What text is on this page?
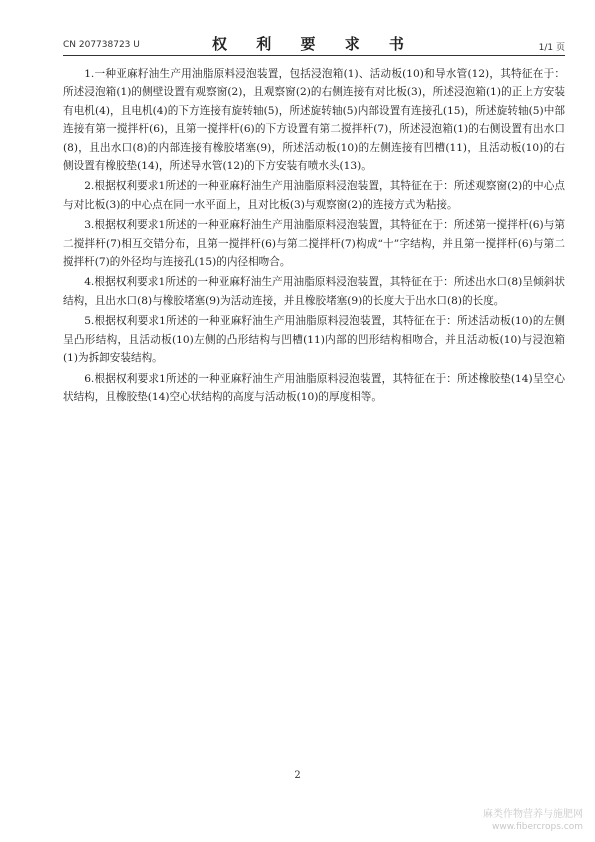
CN 207738723 U	权 利 要 求 书	1/1 页

1.一种亚麻籽油生产用油脂原料浸泡装置，包括浸泡箱(1)、活动板(10)和导水管(12)，其特征在于：所述浸泡箱(1)的侧壁设置有观察窗(2)，且观察窗(2)的右侧连接有对比板(3)，所述浸泡箱(1)的正上方安装有电机(4)，且电机(4)的下方连接有旋转轴(5)，所述旋转轴(5)内部设置有连接孔(15)，所述旋转轴(5)中部连接有第一搅拌杆(6)，且第一搅拌杆(6)的下方设置有第二搅拌杆(7)，所述浸泡箱(1)的右侧设置有出水口(8)，且出水口(8)的内部连接有橡胶堵塞(9)，所述活动板(10)的左侧连接有凹槽(11)，且活动板(10)的右侧设置有橡胶垫(14)，所述导水管(12)的下方安装有喷水头(13)。

2.根据权利要求1所述的一种亚麻籽油生产用油脂原料浸泡装置，其特征在于：所述观察窗(2)的中心点与对比板(3)的中心点在同一水平面上，且对比板(3)与观察窗(2)的连接方式为粘接。

3.根据权利要求1所述的一种亚麻籽油生产用油脂原料浸泡装置，其特征在于：所述第一搅拌杆(6)与第二搅拌杆(7)相互交错分布，且第一搅拌杆(6)与第二搅拌杆(7)构成“十”字结构，并且第一搅拌杆(6)与第二搅拌杆(7)的外径均与连接孔(15)的内径相吻合。

4.根据权利要求1所述的一种亚麻籽油生产用油脂原料浸泡装置，其特征在于：所述出水口(8)呈倾斜状结构，且出水口(8)与橡胶堵塞(9)为活动连接，并且橡胶堵塞(9)的长度大于出水口(8)的长度。

5.根据权利要求1所述的一种亚麻籽油生产用油脂原料浸泡装置，其特征在于：所述活动板(10)的左侧呈凸形结构，且活动板(10)左侧的凸形结构与凹槽(11)内部的凹形结构相吻合，并且活动板(10)与浸泡箱(1)为拆卸安装结构。

6.根据权利要求1所述的一种亚麻籽油生产用油脂原料浸泡装置，其特征在于：所述橡胶垫(14)呈空心状结构，且橡胶垫(14)空心状结构的高度与活动板(10)的厚度相等。

2
麻类作物营养与施肥网
www.fibercrops.com
